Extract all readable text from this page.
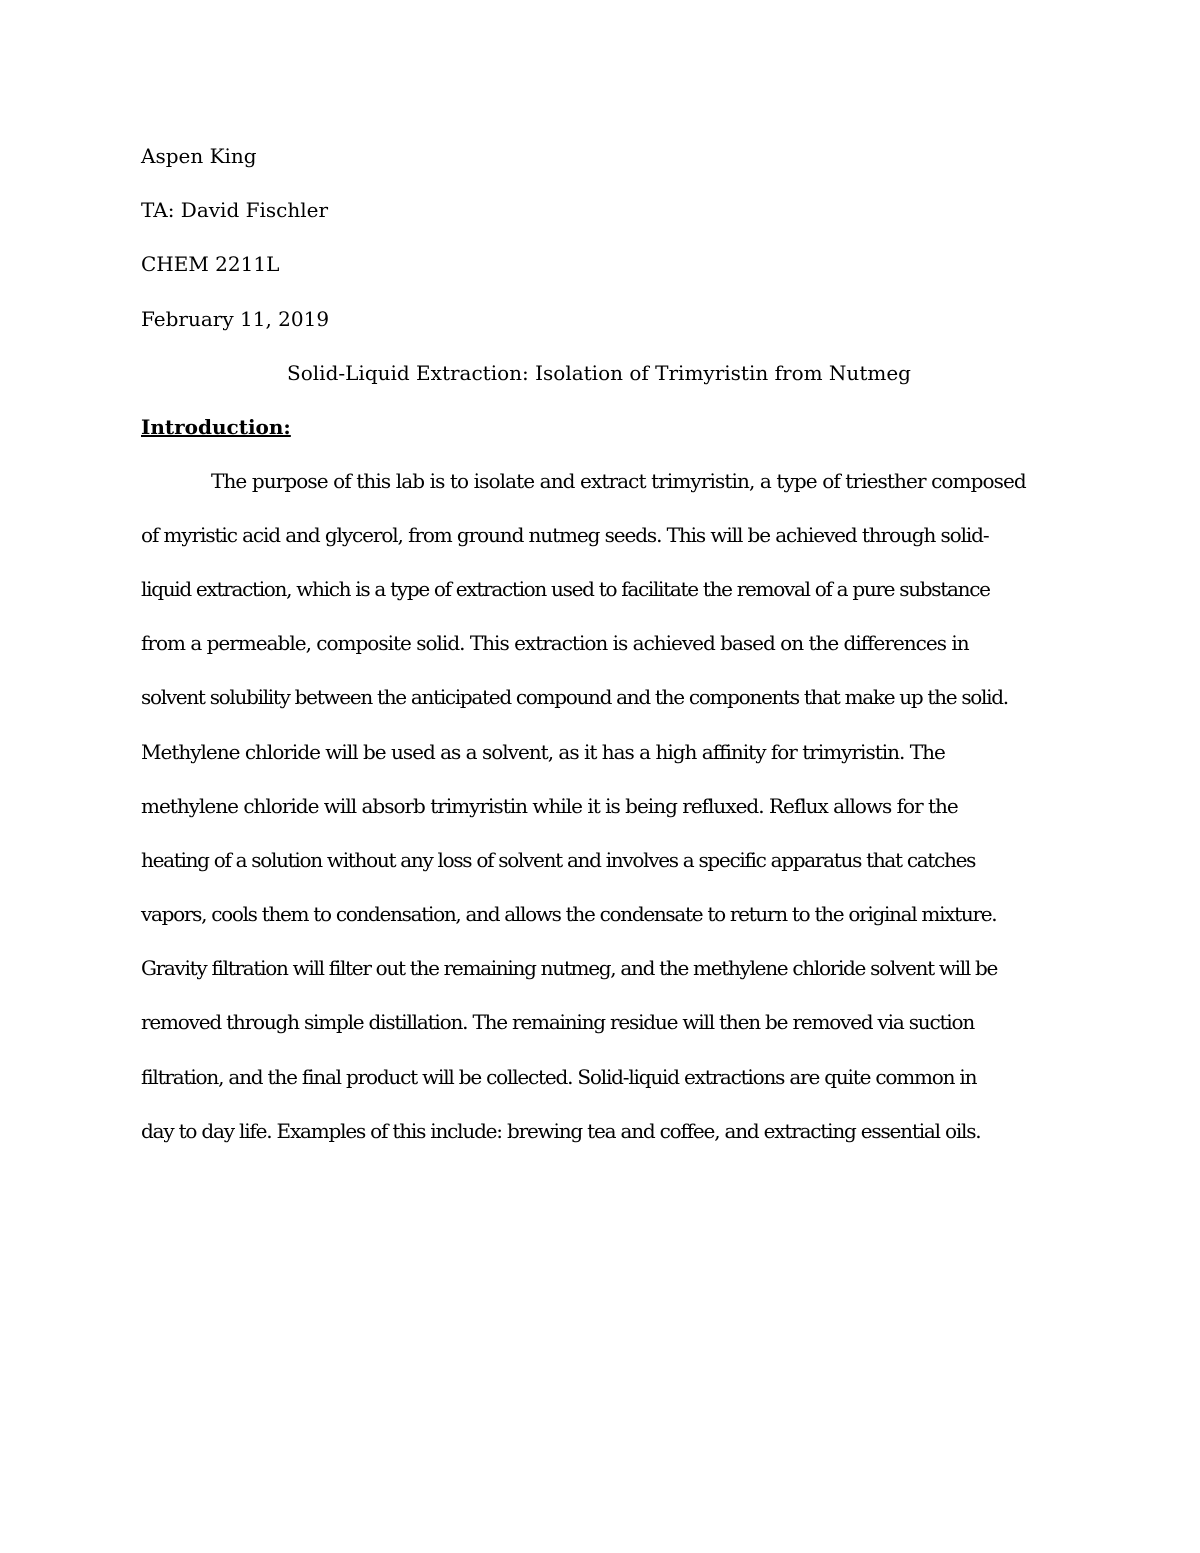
Aspen King

TA: David Fischler

CHEM 2211L

February 11, 2019

Solid-Liquid Extraction: Isolation of Trimyristin from Nutmeg

Introduction:

The purpose of this lab is to isolate and extract trimyristin, a type of triesther composed

of myristic acid and glycerol, from ground nutmeg seeds. This will be achieved through solid-

liquid extraction, which is a type of extraction used to facilitate the removal of a pure substance

from a permeable, composite solid. This extraction is achieved based on the differences in

solvent solubility between the anticipated compound and the components that make up the solid.

Methylene chloride will be used as a solvent, as it has a high affinity for trimyristin. The

methylene chloride will absorb trimyristin while it is being refluxed. Reflux allows for the

heating of a solution without any loss of solvent and involves a specific apparatus that catches

vapors, cools them to condensation, and allows the condensate to return to the original mixture.

Gravity filtration will filter out the remaining nutmeg, and the methylene chloride solvent will be

removed through simple distillation. The remaining residue will then be removed via suction

filtration, and the final product will be collected. Solid-liquid extractions are quite common in

day to day life. Examples of this include: brewing tea and coffee, and extracting essential oils.
